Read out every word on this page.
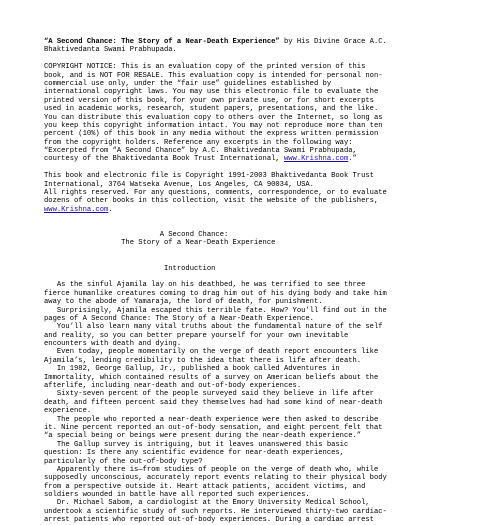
“A Second Chance: The Story of a Near-Death Experience” by His Divine Grace A.C.
Bhaktivedanta Swami Prabhupada.
COPYRIGHT NOTICE: This is an evaluation copy of the printed version of this
book, and is NOT FOR RESALE. This evaluation copy is intended for personal non-
commercial use only, under the “fair use” guidelines established by
international copyright laws. You may use this electronic file to evaluate the
printed version of this book, for your own private use, or for short excerpts
used in academic works, research, student papers, presentations, and the like.
You can distribute this evaluation copy to others over the Internet, so long as
you keep this copyright information intact. You may not reproduce more than ten
percent (10%) of this book in any media without the express written permission
from the copyright holders. Reference any excerpts in the following way:
“Excerpted from “A Second Chance” by A.C. Bhaktivedanta Swami Prabhupada,
courtesy of the Bhaktivedanta Book Trust International, www.Krishna.com.”
This book and electronic file is Copyright 1991-2003 Bhaktivedanta Book Trust
International, 3764 Watseka Avenue, Los Angeles, CA 90034, USA.
All rights reserved. For any questions, comments, correspondence, or to evaluate
dozens of other books in this collection, visit the website of the publishers,
www.Krishna.com.
A Second Chance:
The Story of a Near-Death Experience
Introduction
As the sinful Ajamila lay on his deathbed, he was terrified to see three
fierce humanlike creatures coming to drag him out of his dying body and take him
away to the abode of Yamaraja, the lord of death, for punishment.
Surprisingly, Ajamila escaped this terrible fate. How? You’ll find out in the
pages of A Second Chance: The Story of a Near-Death Experience.
You’ll also learn many vital truths about the fundamental nature of the self
and reality, so you can better prepare yourself for your own inevitable
encounters with death and dying.
Even today, people momentarily on the verge of death report encounters like
Ajamila’s, lending credibility to the idea that there is life after death.
In 1982, George Gallup, Jr., published a book called Adventures in
Immortality, which contained results of a survey on American beliefs about the
afterlife, including near-death and out-of-body experiences.
Sixty-seven percent of the people surveyed said they believe in life after
death, and fifteen percent said they themselves had had some kind of near-death
experience.
The people who reported a near-death experience were then asked to describe
it. Nine percent reported an out-of-body sensation, and eight percent felt that
“a special being or beings were present during the near-death experience.”
The Gallup survey is intriguing, but it leaves unanswered this basic
question: Is there any scientific evidence for near-death experiences,
particularly of the out-of-body type?
Apparently there is—from studies of people on the verge of death who, while
supposedly unconscious, accurately report events relating to their physical body
from a perspective outside it. Heart attack patients, accident victims, and
soldiers wounded in battle have all reported such experiences.
Dr. Michael Sabom, a cardiologist at the Emory University Medical School,
undertook a scientific study of such reports. He interviewed thirty-two cardiac-
arrest patients who reported out-of-body experiences. During a cardiac arrest
